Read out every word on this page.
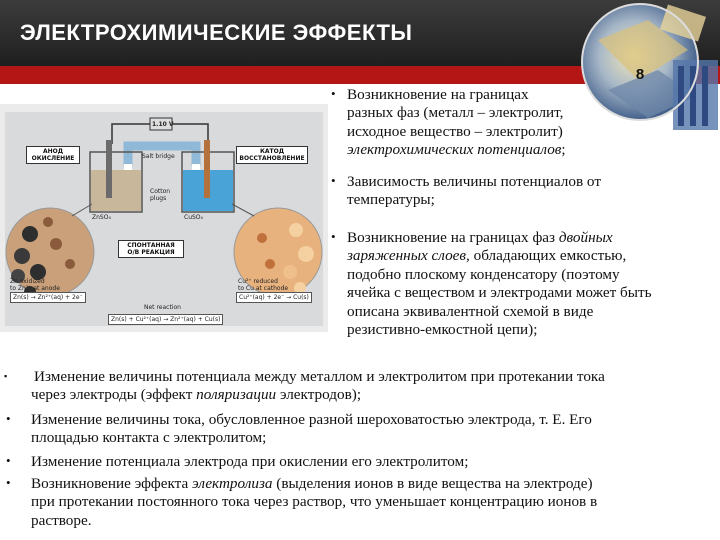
ЭЛЕКТРОХИМИЧЕСКИЕ ЭФФЕКТЫ
8
АНОД
ОКИСЛЕНИЕ
КАТОД
ВОССТАНОВЛЕНИЕ
1.10 V
Salt bridge
ZnSO₄	CuSO₄
Cotton
plugs
СПОНТАННАЯ
О/В РЕАКЦИЯ
Zn oxidized
to Zn²⁺ at anode
Cu²⁺ reduced
to Cu at cathode
Zn(s) → Zn²⁺(aq) + 2e⁻	Cu²⁺(aq) + 2e⁻ → Cu(s)
Net reaction
Zn(s) + Cu²⁺(aq) → Zn²⁺(aq) + Cu(s)
• Возникновение на границах
разных фаз (металл – электролит,
исходное вещество – электролит)
электрохимических потенциалов;
• Зависимость величины потенциалов от
температуры;
• Возникновение на границах фаз двойных
заряженных слоев, обладающих емкостью,
подобно плоскому конденсатору (поэтому
ячейка с веществом и электродами может быть
описана эквивалентной схемой в виде
резистивно-емкостной цепи);
▪ Изменение величины потенциала между металлом и электролитом при протекании тока
через электроды (эффект поляризации электродов);
• Изменение величины тока, обусловленное разной шероховатостью электрода, т. Е. Его
площадью контакта с электролитом;
• Изменение потенциала электрода при окислении его электролитом;
• Возникновение эффекта электролиза (выделения ионов в виде вещества на электроде)
при протекании постоянного тока через раствор, что уменьшает концентрацию ионов в
растворе.
